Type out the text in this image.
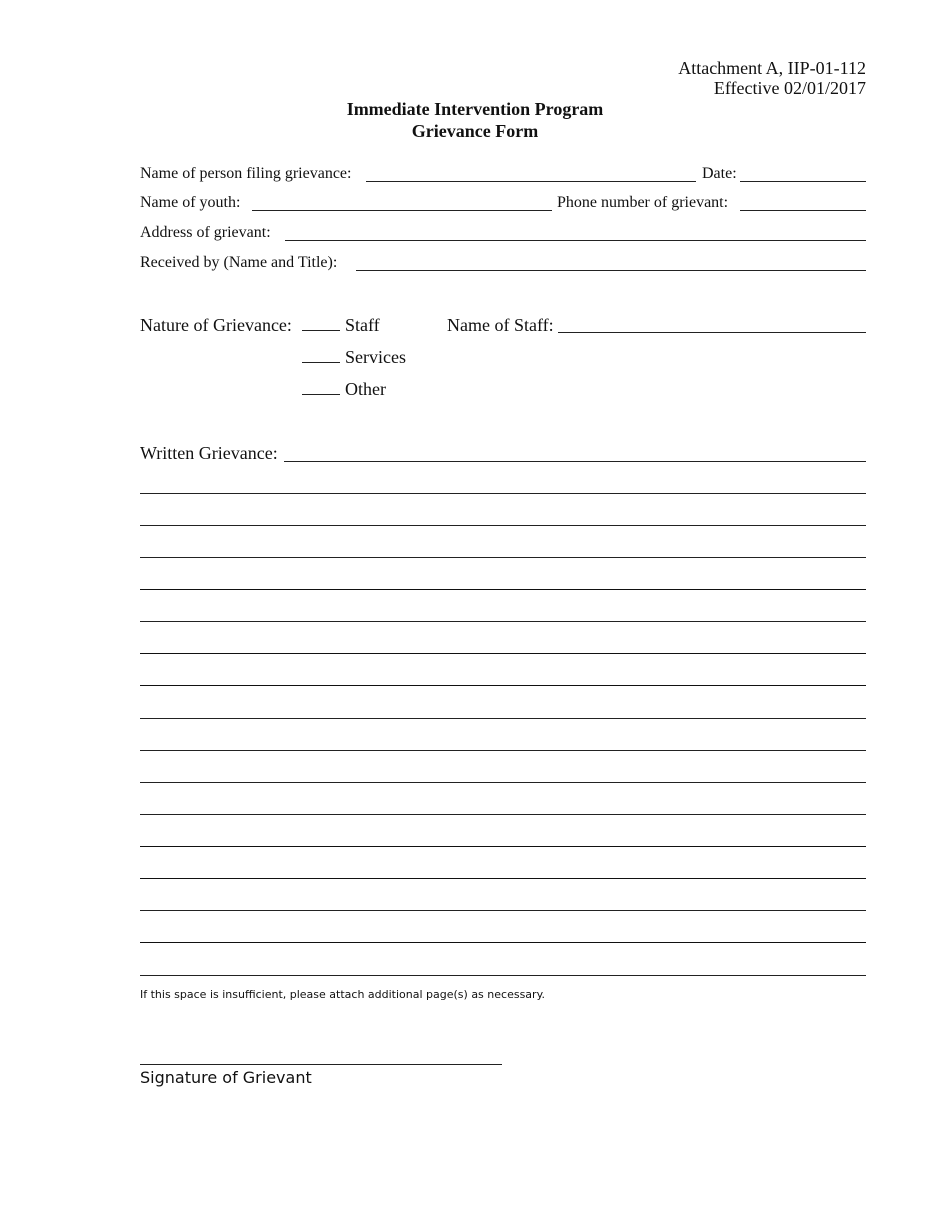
Attachment A, IIP-01-112
Effective 02/01/2017
Immediate Intervention Program
Grievance Form
Name of person filing grievance:	Date:
Name of youth:	Phone number of grievant:
Address of grievant:
Received by (Name and Title):
Nature of Grievance:	Staff
Services
Other
Name of Staff:
Written Grievance:
If this space is insufficient, please attach additional page(s) as necessary.
Signature of Grievant
